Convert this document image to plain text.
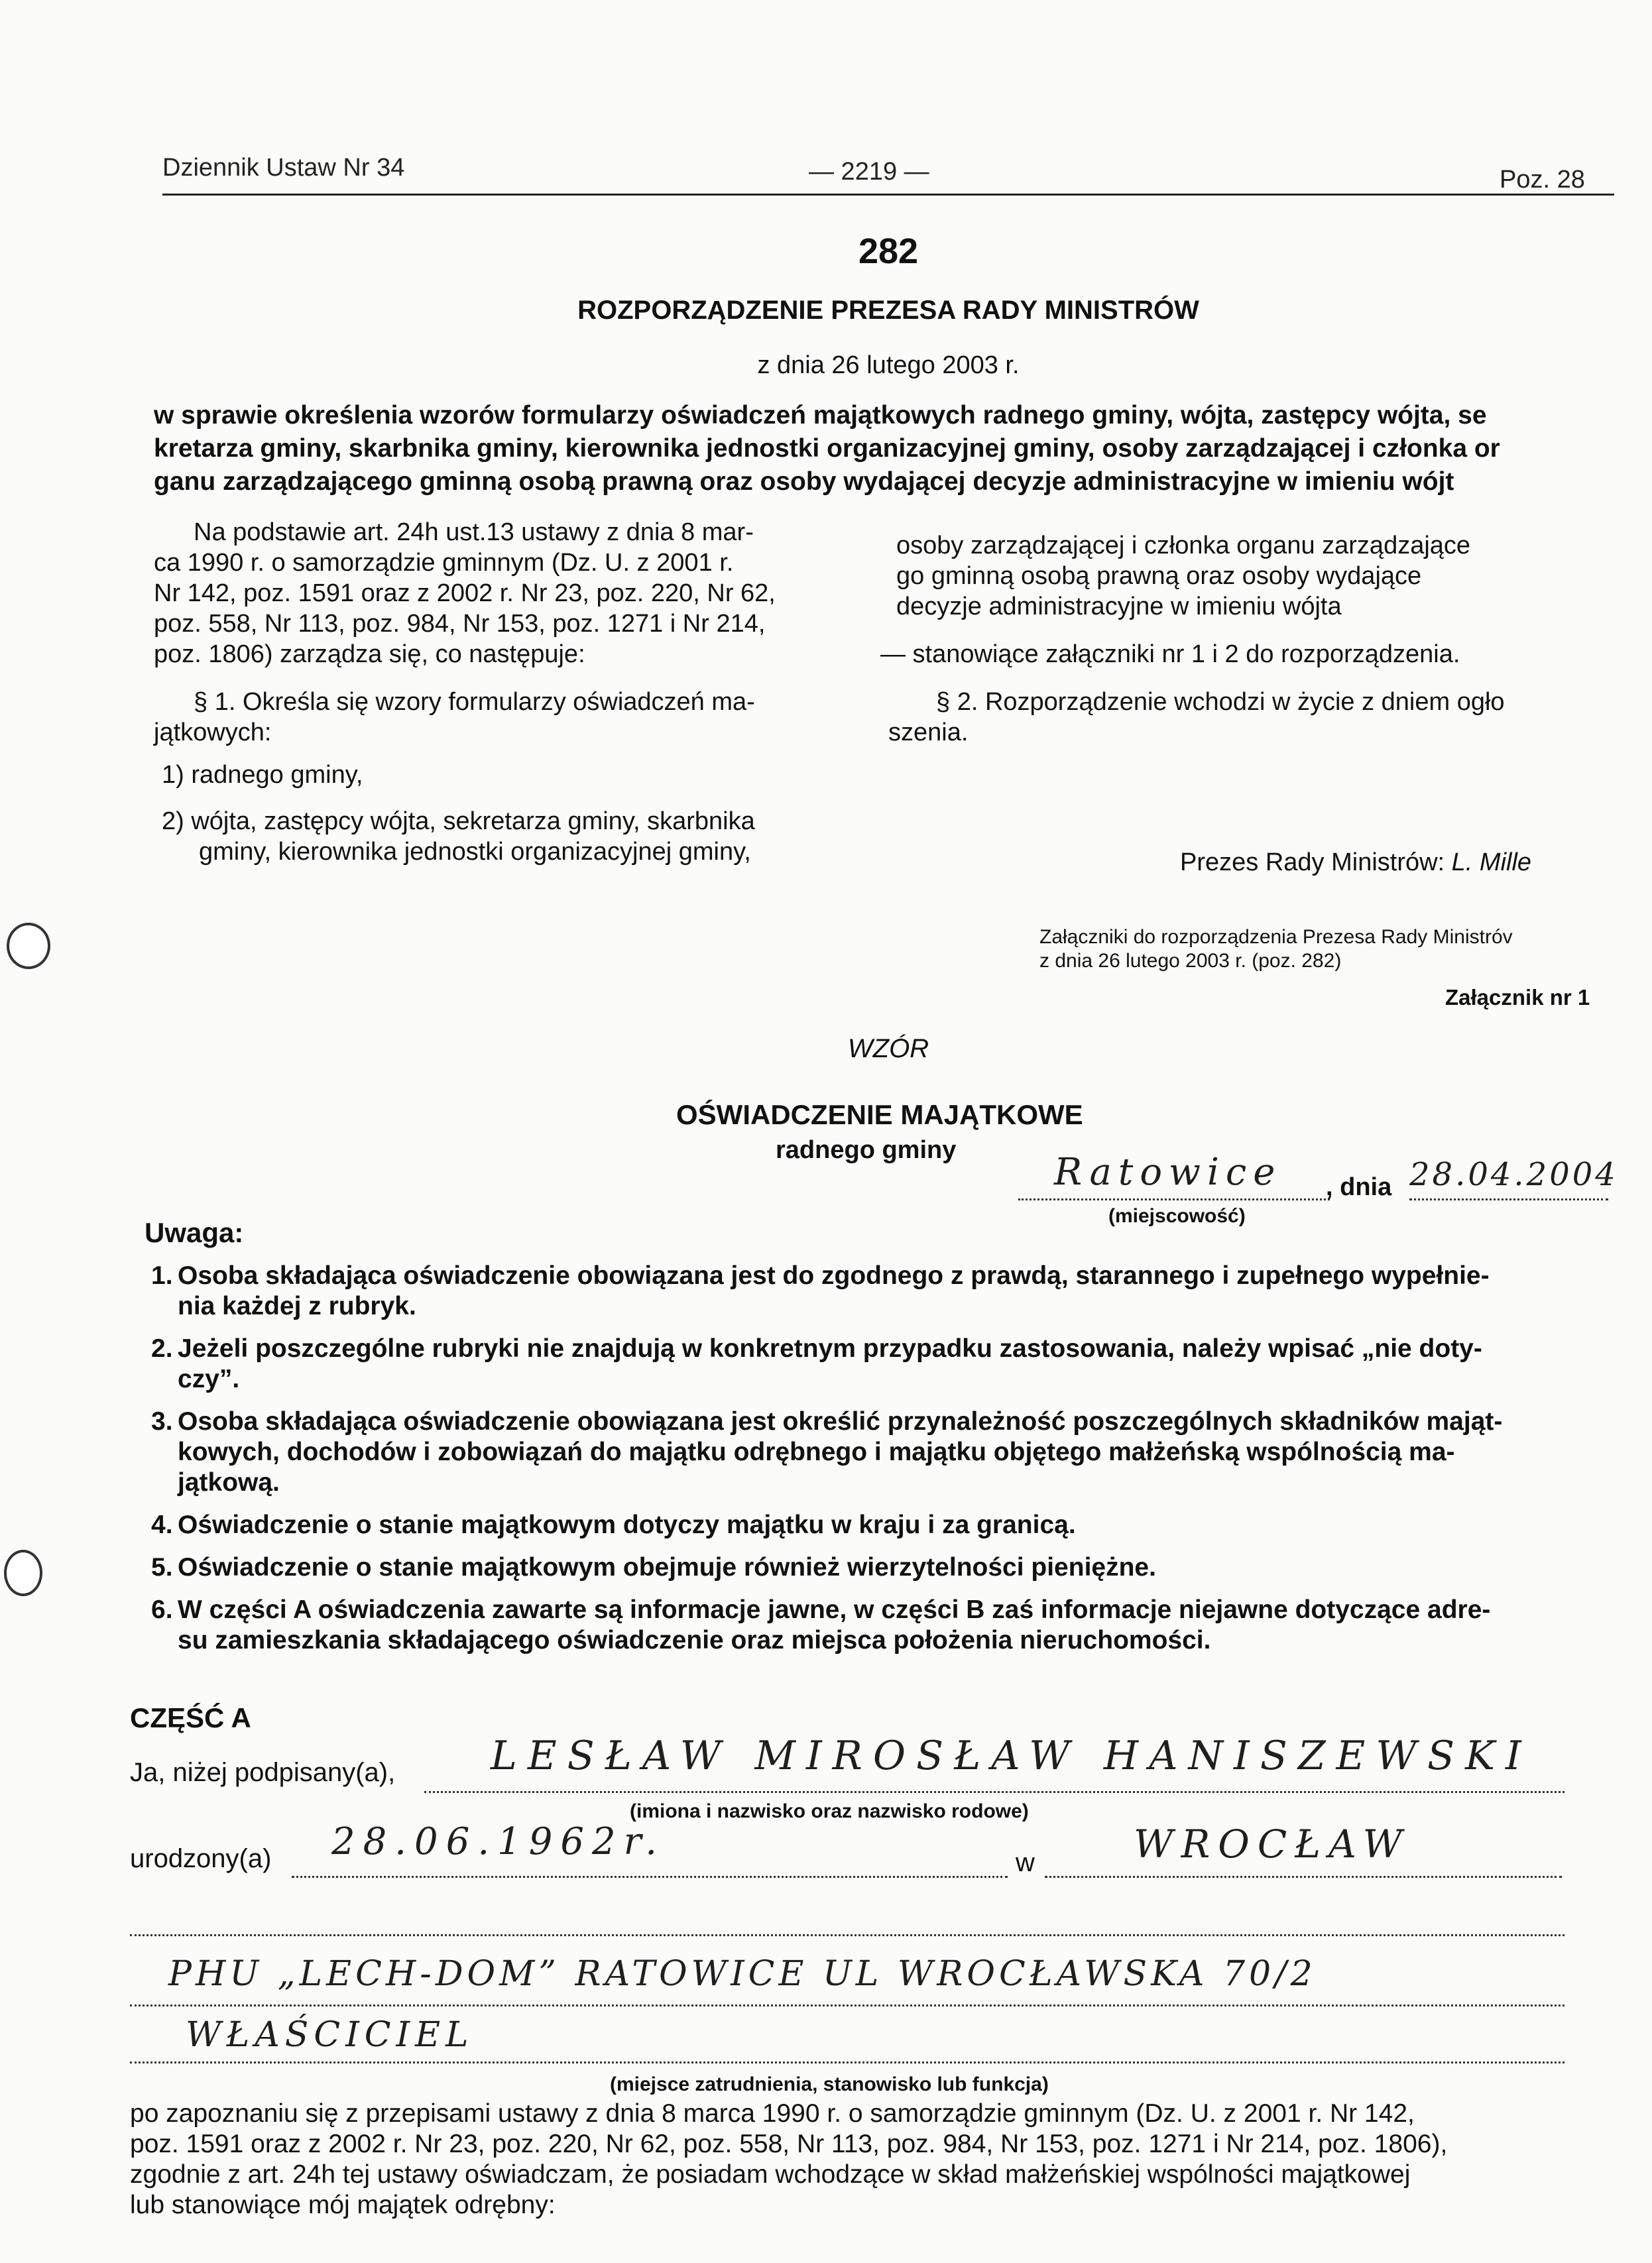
Dziennik Ustaw Nr 34	— 2219 —	Poz. 28
282
ROZPORZĄDZENIE PREZESA RADY MINISTRÓW
z dnia 26 lutego 2003 r.
w sprawie określenia wzorów formularzy oświadczeń majątkowych radnego gminy, wójta, zastępcy wójta, se
kretarza gminy, skarbnika gminy, kierownika jednostki organizacyjnej gminy, osoby zarządzającej i członka or
ganu zarządzającego gminną osobą prawną oraz osoby wydającej decyzje administracyjne w imieniu wójt
Na podstawie art. 24h ust.13 ustawy z dnia 8 mar-
ca 1990 r. o samorządzie gminnym (Dz. U. z 2001 r.
Nr 142, poz. 1591 oraz z 2002 r. Nr 23, poz. 220, Nr 62,
poz. 558, Nr 113, poz. 984, Nr 153, poz. 1271 i Nr 214,
poz. 1806) zarządza się, co następuje:
§ 1. Określa się wzory formularzy oświadczeń ma-
jątkowych:
1) radnego gminy,
2) wójta, zastępcy wójta, sekretarza gminy, skarbnika
gminy, kierownika jednostki organizacyjnej gminy,
osoby zarządzającej i członka organu zarządzające
go gminną osobą prawną oraz osoby wydające
decyzje administracyjne w imieniu wójta
— stanowiące załączniki nr 1 i 2 do rozporządzenia.
§ 2. Rozporządzenie wchodzi w życie z dniem ogło
szenia.
Prezes Rady Ministrów: L. Mille
Załączniki do rozporządzenia Prezesa Rady Ministróv
z dnia 26 lutego 2003 r. (poz. 282)
Załącznik nr 1
WZÓR
OŚWIADCZENIE MAJĄTKOWE
radnego gminy
Ratowice , dnia 28.04.2004
(miejscowość)
Uwaga:
1. Osoba składająca oświadczenie obowiązana jest do zgodnego z prawdą, starannego i zupełnego wypełnie-
nia każdej z rubryk.
2. Jeżeli poszczególne rubryki nie znajdują w konkretnym przypadku zastosowania, należy wpisać „nie doty-
czy”.
3. Osoba składająca oświadczenie obowiązana jest określić przynależność poszczególnych składników mająt-
kowych, dochodów i zobowiązań do majątku odrębnego i majątku objętego małżeńską wspólnością ma-
jątkową.
4. Oświadczenie o stanie majątkowym dotyczy majątku w kraju i za granicą.
5. Oświadczenie o stanie majątkowym obejmuje również wierzytelności pieniężne.
6. W części A oświadczenia zawarte są informacje jawne, w części B zaś informacje niejawne dotyczące adre-
su zamieszkania składającego oświadczenie oraz miejsca położenia nieruchomości.
CZĘŚĆ A
Ja, niżej podpisany(a), LESŁAW MIROSŁAW HANISZEWSKI
(imiona i nazwisko oraz nazwisko rodowe)
urodzony(a) 28.06.1962r.	w	WROCŁAW
PHU „LECH-DOM” RATOWICE UL WROCŁAWSKA 70/2
WŁAŚCICIEL
(miejsce zatrudnienia, stanowisko lub funkcja)
po zapoznaniu się z przepisami ustawy z dnia 8 marca 1990 r. o samorządzie gminnym (Dz. U. z 2001 r. Nr 142,
poz. 1591 oraz z 2002 r. Nr 23, poz. 220, Nr 62, poz. 558, Nr 113, poz. 984, Nr 153, poz. 1271 i Nr 214, poz. 1806),
zgodnie z art. 24h tej ustawy oświadczam, że posiadam wchodzące w skład małżeńskiej wspólności majątkowej
lub stanowiące mój majątek odrębny:
